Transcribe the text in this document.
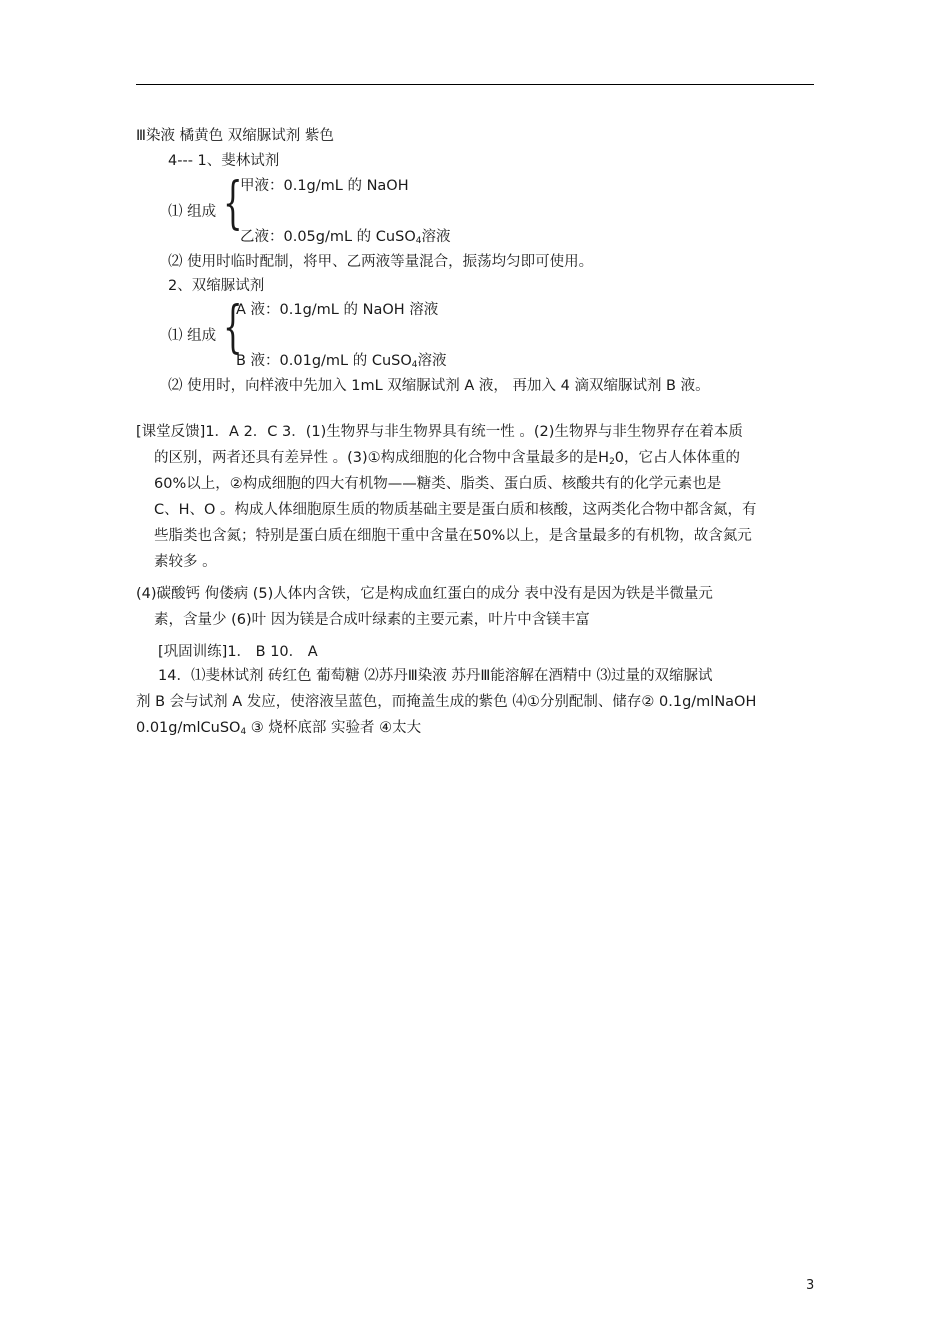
Ⅲ染液 橘黄色 双缩脲试剂 紫色
4--- 1、斐林试剂
甲液：0.1g/mL 的 NaOH
{
⑴ 组成
乙液：0.05g/mL 的 CuSO$_4$溶液
⑵ 使用时临时配制，将甲、乙两液等量混合，振荡均匀即可使用。
2、双缩脲试剂
A 液：0.1g/mL 的 NaOH 溶液
{
⑴ 组成
B 液：0.01g/mL 的 CuSO$_4$溶液
⑵ 使用时，向样液中先加入 1mL 双缩脲试剂 A 液， 再加入 4 滴双缩脲试剂 B 液。
[课堂反馈]1．A 2．C 3．(1)生物界与非生物界具有统一性 。(2)生物界与非生物界存在着本质
的区别，两者还具有差异性 。(3)①构成细胞的化合物中含量最多的是$H_20$，它占人体体重的
60%以上，②构成细胞的四大有机物——糖类、脂类、蛋白质、核酸共有的化学元素也是
C、H、O 。构成人体细胞原生质的物质基础主要是蛋白质和核酸，这两类化合物中都含氮，有
些脂类也含氮；特别是蛋白质在细胞干重中含量在50%以上，是含量最多的有机物，故含氮元
素较多 。
(4)碳酸钙 佝偻病 (5)人体内含铁，它是构成血红蛋白的成分 表中没有是因为铁是半微量元
素，含量少 (6)叶 因为镁是合成叶绿素的主要元素，叶片中含镁丰富
[巩固训练]1． B 10． A
14．⑴斐林试剂 砖红色 葡萄糖 ⑵苏丹Ⅲ染液 苏丹Ⅲ能溶解在酒精中 ⑶过量的双缩脲试
剂 B 会与试剂 A 发应，使溶液呈蓝色，而掩盖生成的紫色 ⑷①分别配制、储存② 0.1g/mlNaOH
0.01g/mlCuSO$_4$ ③ 烧杯底部 实验者 ④太大
3
